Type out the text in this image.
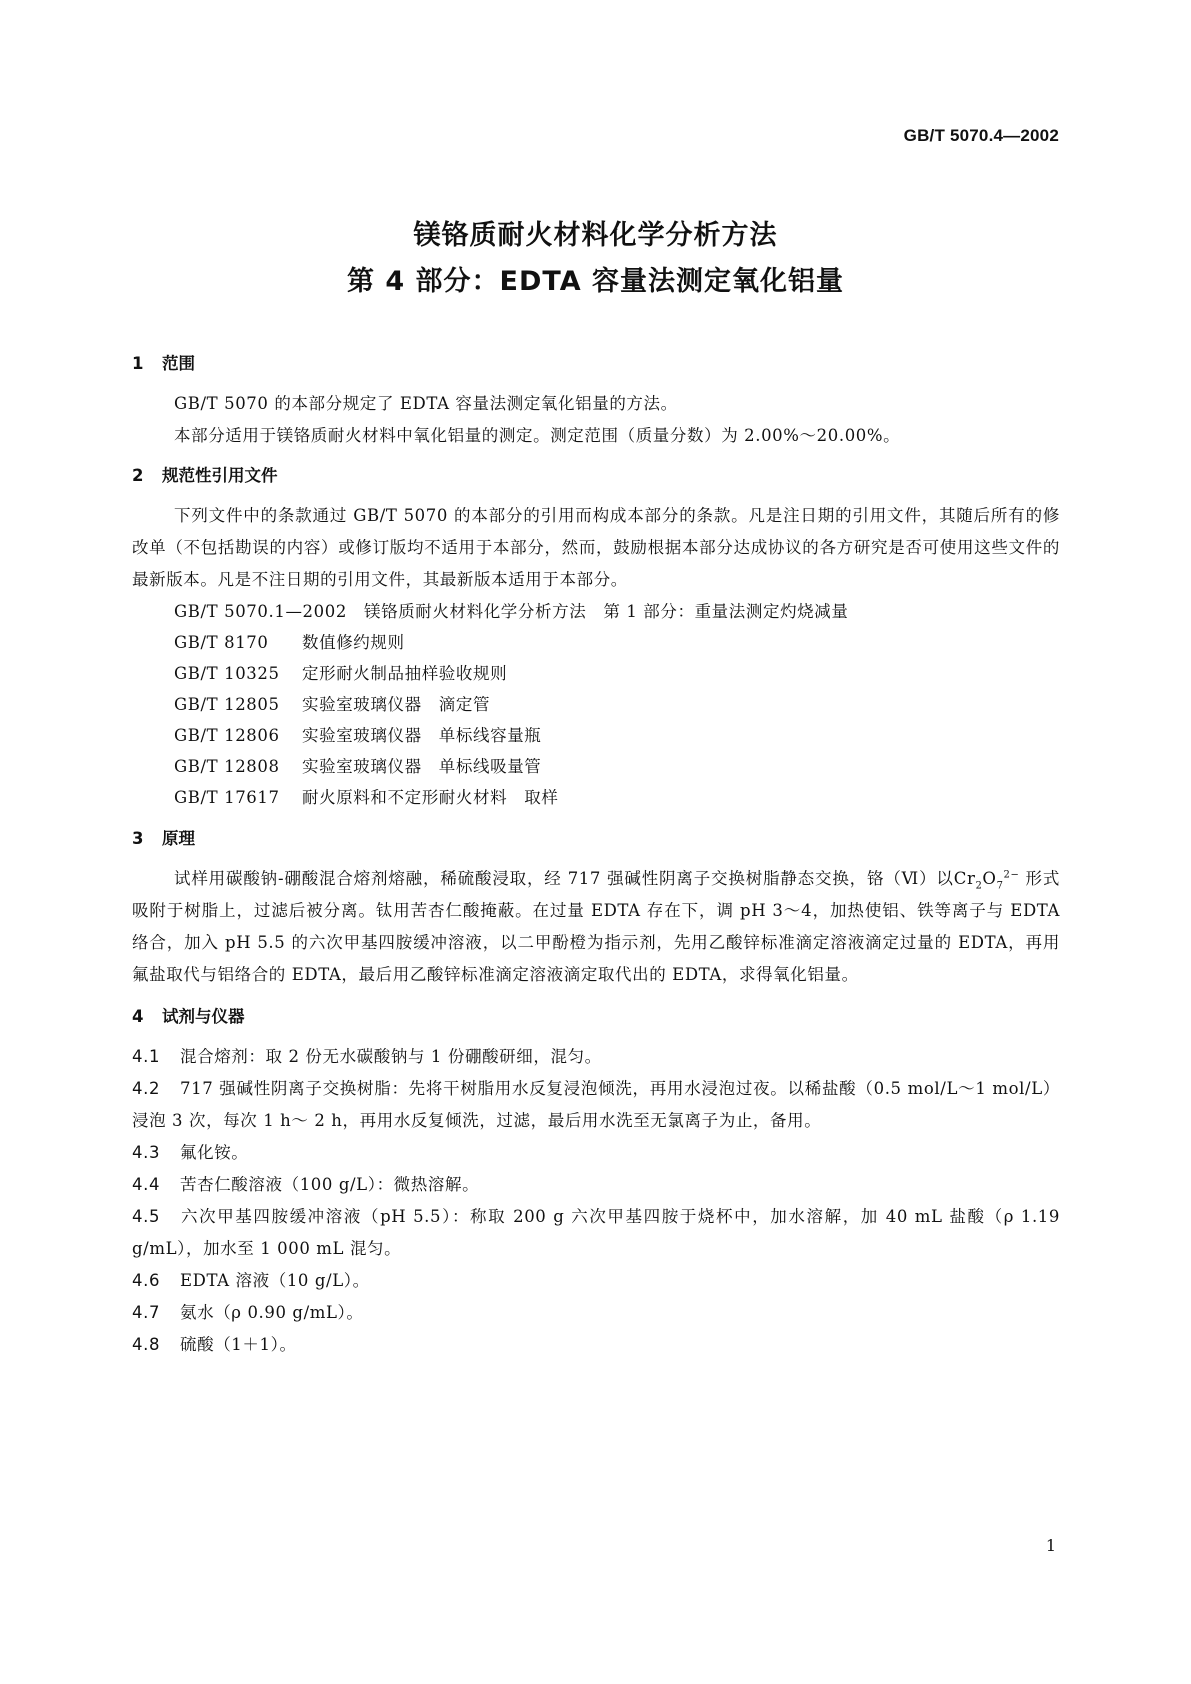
GB/T 5070.4—2002
镁铬质耐火材料化学分析方法
第 4 部分：EDTA 容量法测定氧化铝量
1 范围

GB/T 5070 的本部分规定了 EDTA 容量法测定氧化铝量的方法。

本部分适用于镁铬质耐火材料中氧化铝量的测定。测定范围（质量分数）为 2.00%～20.00%。

2 规范性引用文件

下列文件中的条款通过 GB/T 5070 的本部分的引用而构成本部分的条款。凡是注日期的引用文件，其随后所有的修改单（不包括勘误的内容）或修订版均不适用于本部分，然而，鼓励根据本部分达成协议的各方研究是否可使用这些文件的最新版本。凡是不注日期的引用文件，其最新版本适用于本部分。

GB/T 5070.1—2002 镁铬质耐火材料化学分析方法　第 1 部分：重量法测定灼烧减量
GB/T 8170 数值修约规则
GB/T 10325 定形耐火制品抽样验收规则
GB/T 12805 实验室玻璃仪器　滴定管
GB/T 12806 实验室玻璃仪器　单标线容量瓶
GB/T 12808 实验室玻璃仪器　单标线吸量管
GB/T 17617 耐火原料和不定形耐火材料　取样
3 原理

试样用碳酸钠-硼酸混合熔剂熔融，稀硫酸浸取，经 717 强碱性阴离子交换树脂静态交换，铬（Ⅵ）以$Cr_2O_7^{2-}$ 形式吸附于树脂上，过滤后被分离。钛用苦杏仁酸掩蔽。在过量 EDTA 存在下，调 pH 3～4，加热使铝、铁等离子与 EDTA 络合，加入 pH 5.5 的六次甲基四胺缓冲溶液，以二甲酚橙为指示剂，先用乙酸锌标准滴定溶液滴定过量的 EDTA，再用氟盐取代与铝络合的 EDTA，最后用乙酸锌标准滴定溶液滴定取代出的 EDTA，求得氧化铝量。

4 试剂与仪器

4.1 混合熔剂：取 2 份无水碳酸钠与 1 份硼酸研细，混匀。

4.2 717 强碱性阴离子交换树脂：先将干树脂用水反复浸泡倾洗，再用水浸泡过夜。以稀盐酸（0.5 mol/L～1 mol/L）浸泡 3 次，每次 1 h～ 2 h，再用水反复倾洗，过滤，最后用水洗至无氯离子为止，备用。

4.3 氟化铵。

4.4 苦杏仁酸溶液（100 g/L）：微热溶解。

4.5 六次甲基四胺缓冲溶液（pH 5.5）：称取 200 g 六次甲基四胺于烧杯中，加水溶解，加 40 mL 盐酸（ρ 1.19 g/mL），加水至 1 000 mL 混匀。

4.6 EDTA 溶液（10 g/L）。

4.7 氨水（ρ 0.90 g/mL）。

4.8 硫酸（1＋1）。

1
